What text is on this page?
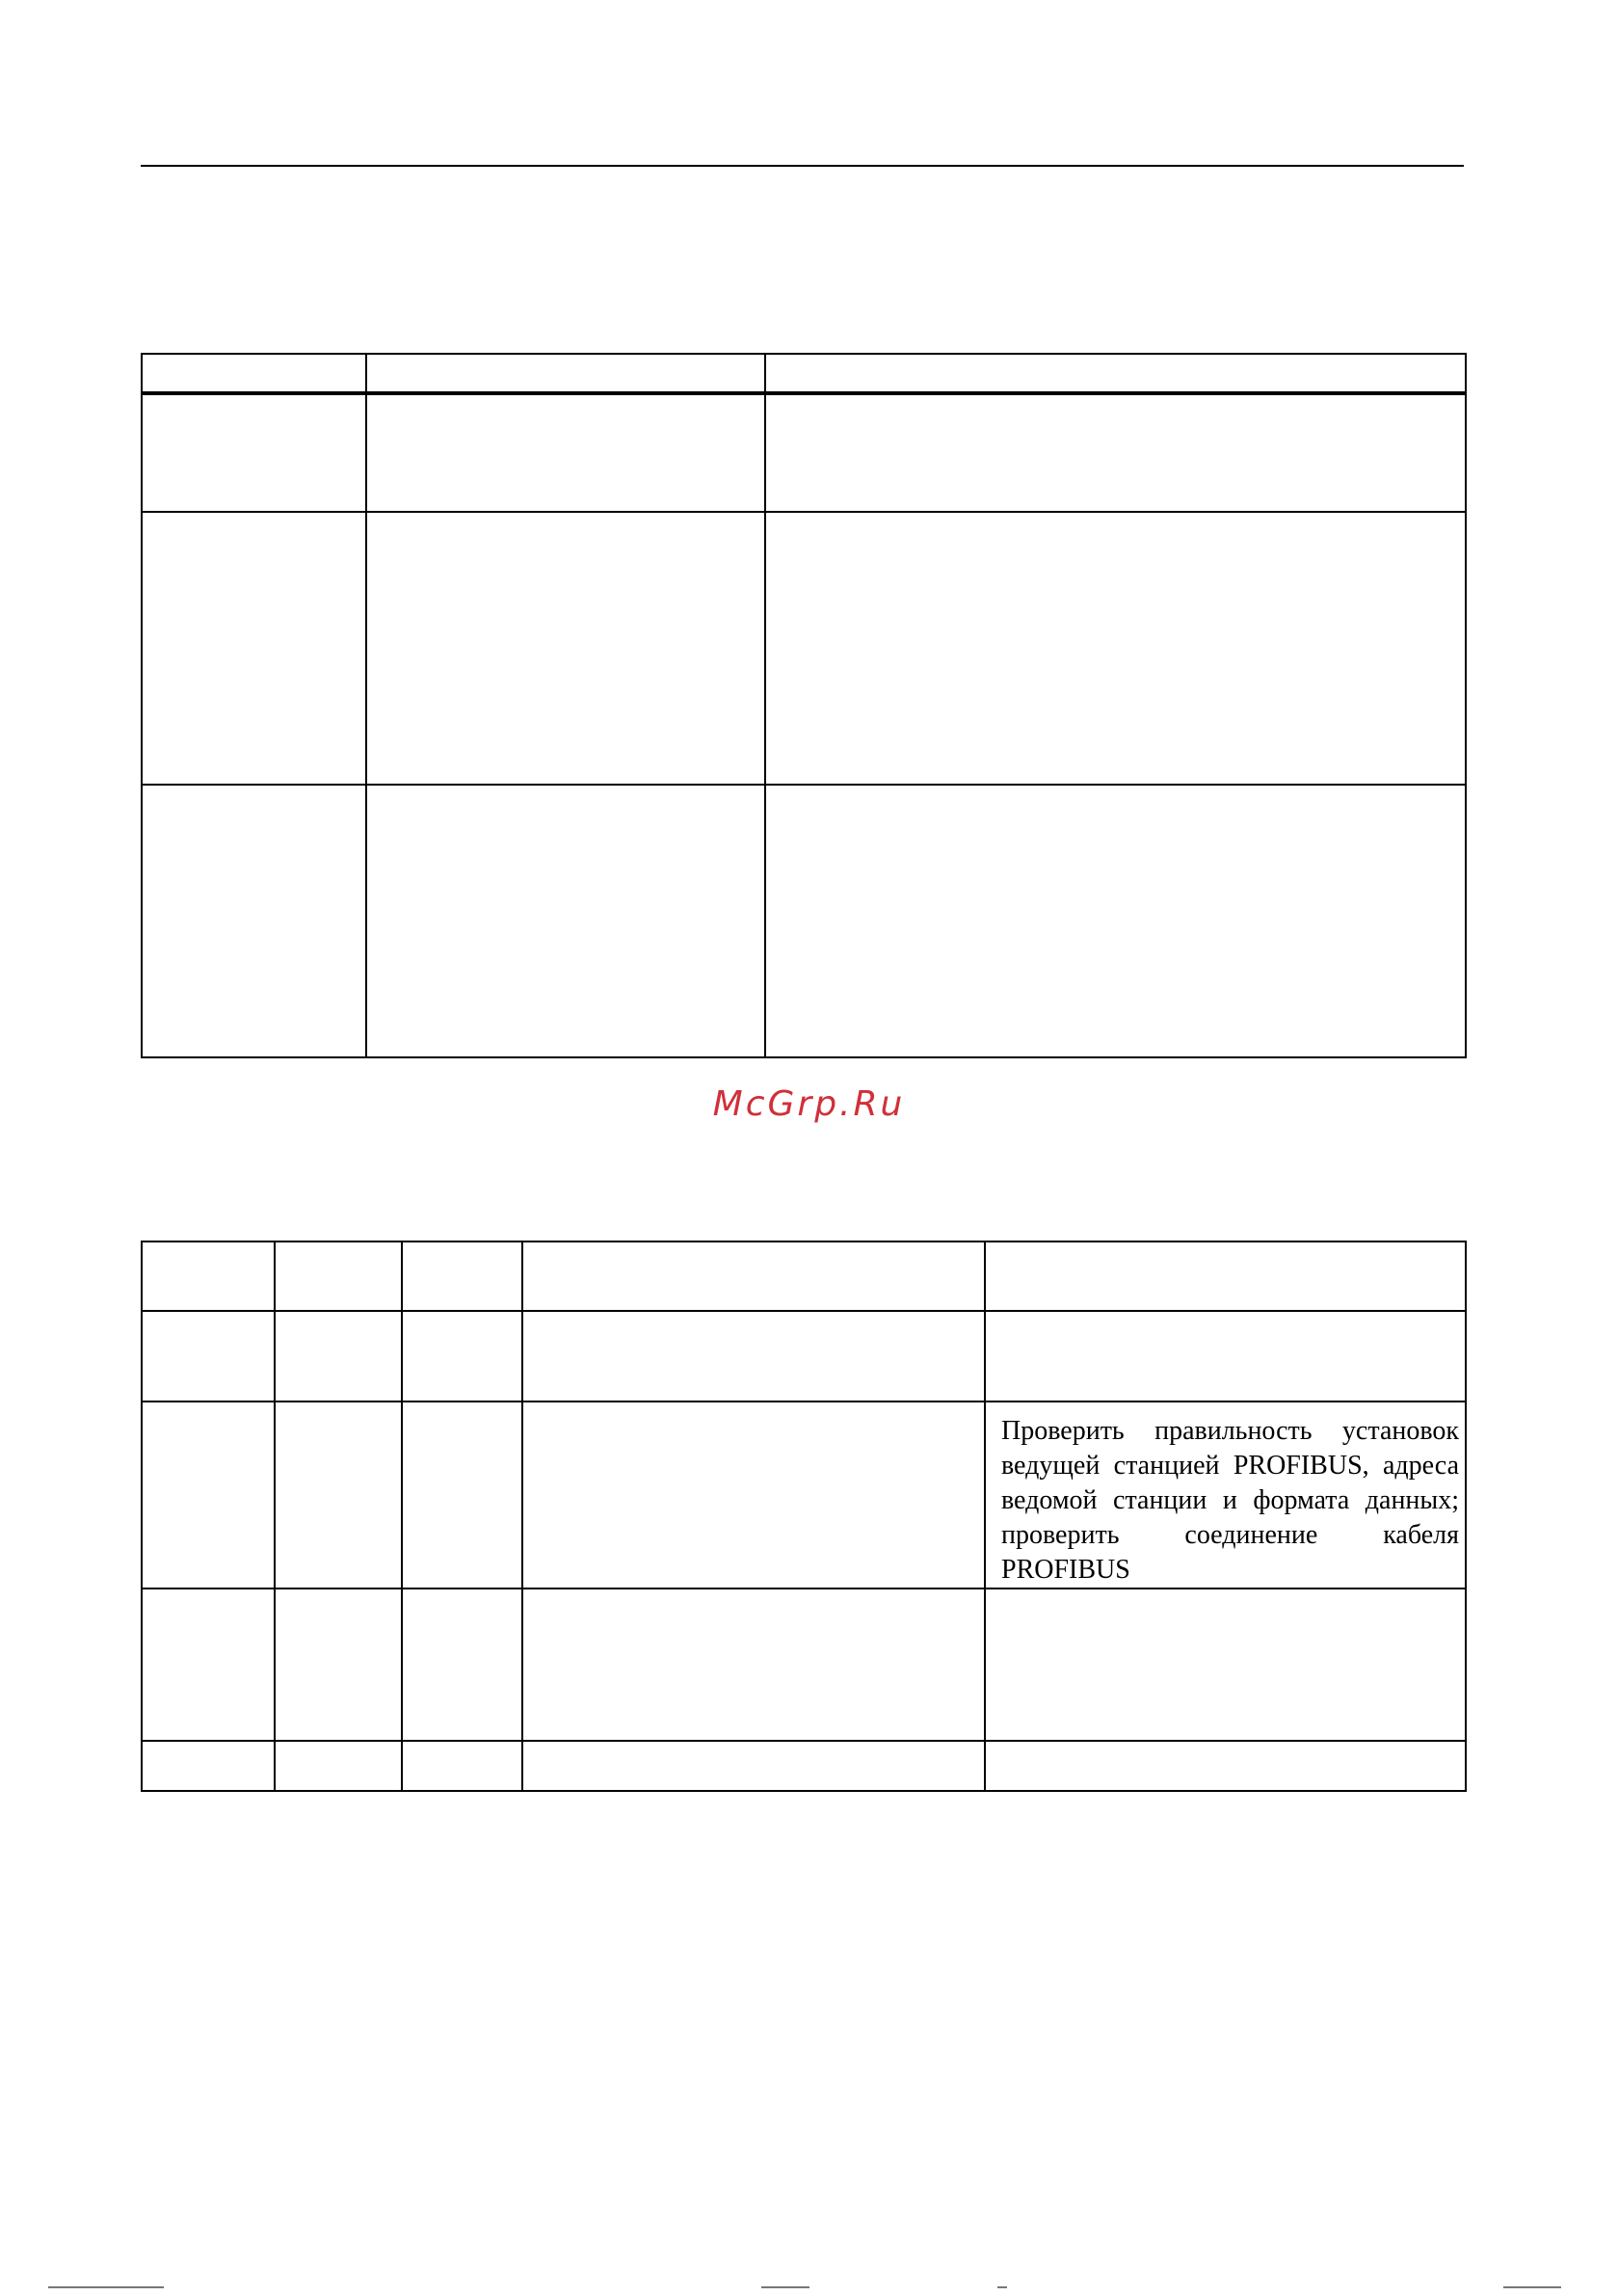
McGrp.Ru

				Проверить правильность установок
ведущей станцией PROFIBUS, адреса
ведомой станции и формата данных;
проверить соединение кабеля
PROFIBUS
